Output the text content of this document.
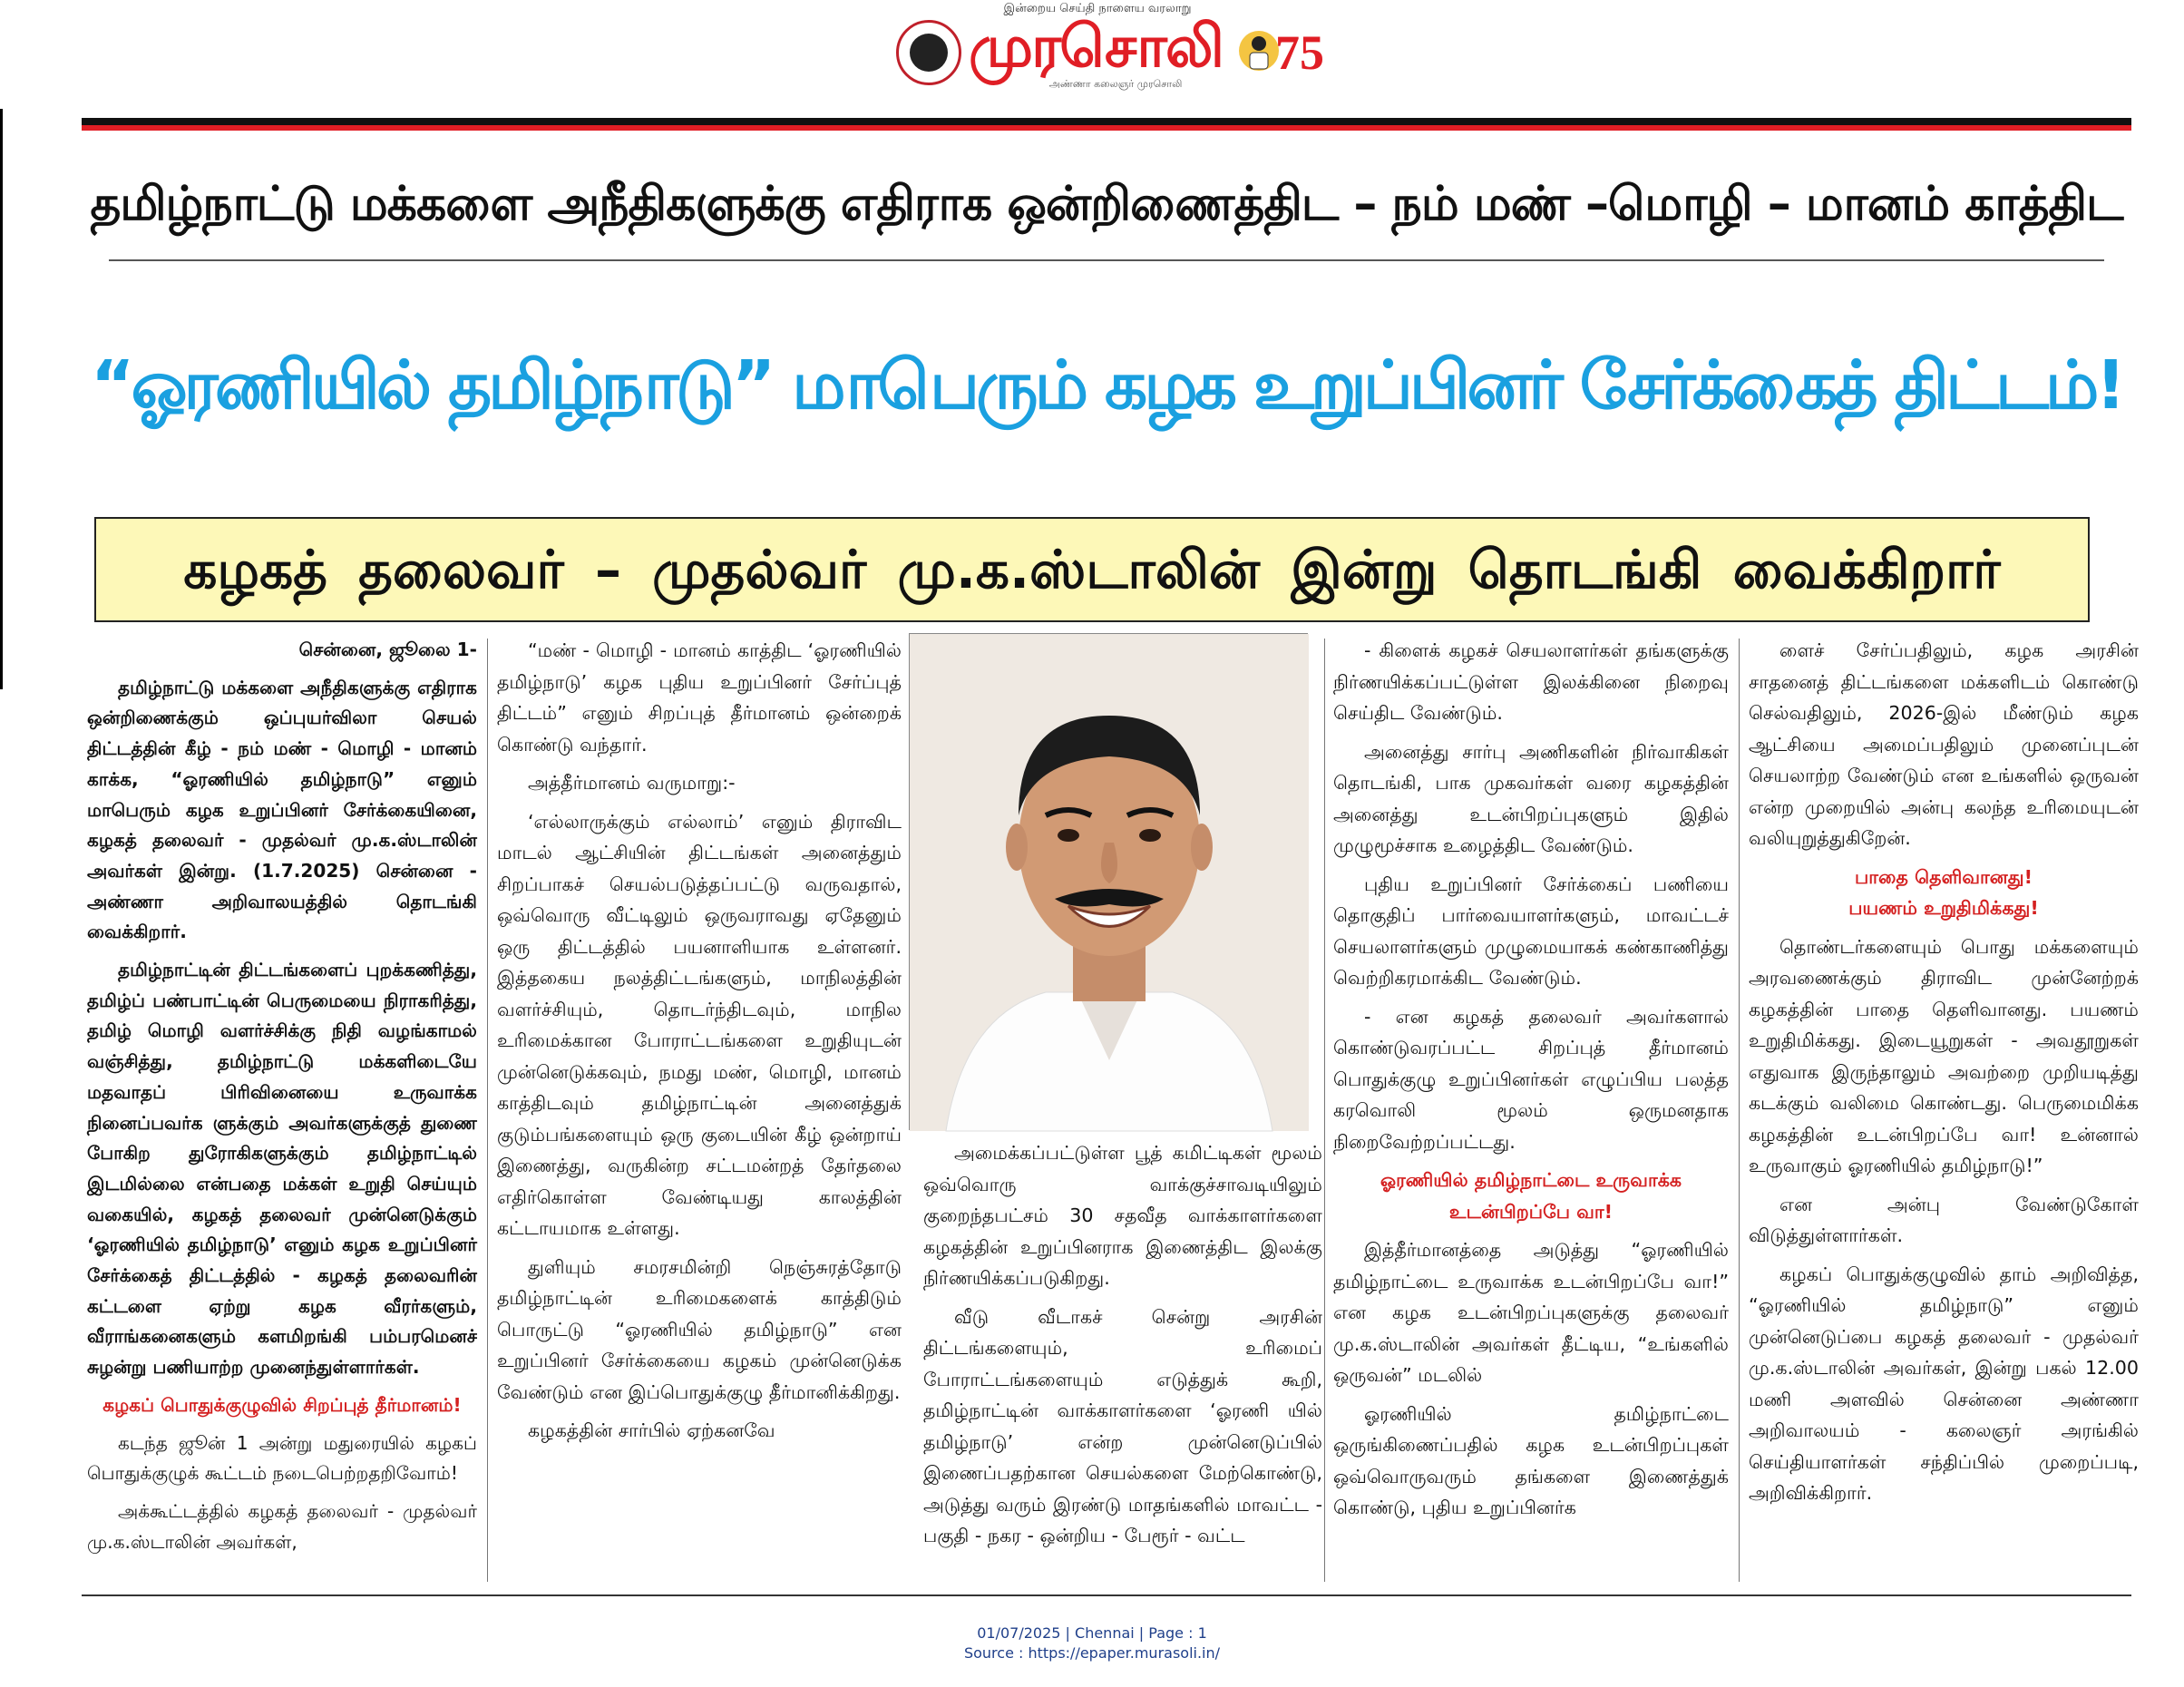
இன்றைய செய்தி நாளைய வரலாறு
முரசொலி	75
அண்ணா கலைஞர் முரசொலி
தமிழ்நாட்டு மக்களை அநீதிகளுக்கு எதிராக ஒன்றிணைத்திட – நம் மண் –மொழி – மானம் காத்திட
“ஓரணியில் தமிழ்நாடு” மாபெரும் கழக உறுப்பினர் சேர்க்கைத் திட்டம்!
கழகத் தலைவர் – முதல்வர் மு.க.ஸ்டாலின் இன்று தொடங்கி வைக்கிறார்

சென்னை, ஜூலை 1-

தமிழ்நாட்டு மக்களை அநீதிகளுக்கு எதிராக ஒன்றிணைக்கும் ஒப்புயர்விலா செயல் திட்டத்தின் கீழ் - நம் மண் - மொழி - மானம் காக்க, “ஓரணியில் தமிழ்நாடு” எனும் மாபெரும் கழக உறுப்பினர் சேர்க்கையினை, கழகத் தலைவர் - முதல்வர் மு.க.ஸ்டாலின் அவர்கள் இன்று. (1.7.2025) சென்னை - அண்ணா அறிவாலயத்தில் தொடங்கி வைக்கிறார்.

தமிழ்நாட்டின் திட்டங்களைப் புறக்கணித்து, தமிழ்ப் பண்பாட்டின் பெருமையை நிராகரித்து, தமிழ் மொழி வளர்ச்சிக்கு நிதி வழங்காமல் வஞ்சித்து, தமிழ்நாட்டு மக்களிடையே மதவாதப் பிரிவினையை உருவாக்க நினைப்பவர்க ளுக்கும் அவர்களுக்குத் துணை போகிற துரோகிகளுக்கும் தமிழ்நாட்டில் இடமில்லை என்பதை மக்கள் உறுதி செய்யும் வகையில், கழகத் தலைவர் முன்னெடுக்கும் ‘ஓரணியில் தமிழ்நாடு’ எனும் கழக உறுப்பினர் சேர்க்கைத் திட்டத்தில் - கழகத் தலைவரின் கட்டளை ஏற்று கழக வீரர்களும், வீராங்கனைகளும் களமிறங்கி பம்பரமெனச் சுழன்று பணியாற்ற முனைந்துள்ளார்கள்.

கழகப் பொதுக்குழுவில் சிறப்புத் தீர்மானம்!

கடந்த ஜூன் 1 அன்று மதுரையில் கழகப் பொதுக்குழுக் கூட்டம் நடைபெற்றதறிவோம்!

அக்கூட்டத்தில் கழகத் தலைவர் - முதல்வர் மு.க.ஸ்டாலின் அவர்கள்,

“மண் - மொழி - மானம் காத்திட ‘ஓரணியில் தமிழ்நாடு’ கழக புதிய உறுப்பினர் சேர்ப்புத் திட்டம்” எனும் சிறப்புத் தீர்மானம் ஒன்றைக் கொண்டு வந்தார்.

அத்தீர்மானம் வருமாறு:-

‘எல்லாருக்கும் எல்லாம்’ எனும் திராவிட மாடல் ஆட்சியின் திட்டங்கள் அனைத்தும் சிறப்பாகச் செயல்படுத்தப்பட்டு வருவதால், ஒவ்வொரு வீட்டிலும் ஒருவராவது ஏதேனும் ஒரு திட்டத்தில் பயனாளியாக உள்ளனர். இத்தகைய நலத்திட்டங்களும், மாநிலத்தின் வளர்ச்சியும், தொடர்ந்திடவும், மாநில உரிமைக்கான போராட்டங்களை உறுதியுடன் முன்னெடுக்கவும், நமது மண், மொழி, மானம் காத்திடவும் தமிழ்நாட்டின் அனைத்துக் குடும்பங்களையும் ஒரு குடையின் கீழ் ஒன்றாய் இணைத்து, வருகின்ற சட்டமன்றத் தேர்தலை எதிர்கொள்ள வேண்டியது காலத்தின் கட்டாயமாக உள்ளது.

துளியும் சமரசமின்றி நெஞ்சுரத்தோடு தமிழ்நாட்டின் உரிமைகளைக் காத்திடும் பொருட்டு “ஓரணியில் தமிழ்நாடு” என உறுப்பினர் சேர்க்கையை கழகம் முன்னெடுக்க வேண்டும் என இப்பொதுக்குழு தீர்மானிக்கிறது.

கழகத்தின் சார்பில் ஏற்கனவே

அமைக்கப்பட்டுள்ள பூத் கமிட்டிகள் மூலம் ஒவ்வொரு வாக்குச்சாவடியிலும் குறைந்தபட்சம் 30 சதவீத வாக்காளர்களை கழகத்தின் உறுப்பினராக இணைத்திட இலக்கு நிர்ணயிக்கப்படுகிறது.

வீடு வீடாகச் சென்று அரசின் திட்டங்களையும், உரிமைப் போராட்டங்களையும் எடுத்துக் கூறி, தமிழ்நாட்டின் வாக்காளர்களை ‘ஓரணி யில் தமிழ்நாடு’ என்ற முன்னெடுப்பில் இணைப்பதற்கான செயல்களை மேற்கொண்டு, அடுத்து வரும் இரண்டு மாதங்களில் மாவட்ட - பகுதி - நகர - ஒன்றிய - பேரூர் - வட்ட

- கிளைக் கழகச் செயலாளர்கள் தங்களுக்கு நிர்ணயிக்கப்பட்டுள்ள இலக்கினை நிறைவு செய்திட வேண்டும்.

அனைத்து சார்பு அணிகளின் நிர்வாகிகள் தொடங்கி, பாக முகவர்கள் வரை கழகத்தின் அனைத்து உடன்பிறப்புகளும் இதில் முழுமூச்சாக உழைத்திட வேண்டும்.

புதிய உறுப்பினர் சேர்க்கைப் பணியை தொகுதிப் பார்வையாளர்களும், மாவட்டச் செயலாளர்களும் முழுமையாகக் கண்காணித்து வெற்றிகரமாக்கிட வேண்டும்.

- என கழகத் தலைவர் அவர்களால் கொண்டுவரப்பட்ட சிறப்புத் தீர்மானம் பொதுக்குழு உறுப்பினர்கள் எழுப்பிய பலத்த கரவொலி மூலம் ஒருமனதாக நிறைவேற்றப்பட்டது.

ஓரணியில் தமிழ்நாட்டை உருவாக்க உடன்பிறப்பே வா!

இத்தீர்மானத்தை அடுத்து “ஓரணியில் தமிழ்நாட்டை உருவாக்க உடன்பிறப்பே வா!” என கழக உடன்பிறப்புகளுக்கு தலைவர் மு.க.ஸ்டாலின் அவர்கள் தீட்டிய, “உங்களில் ஒருவன்” மடலில்

ஓரணியில் தமிழ்நாட்டை ஒருங்கிணைப்பதில் கழக உடன்பிறப்புகள் ஒவ்வொருவரும் தங்களை இணைத்துக் கொண்டு, புதிய உறுப்பினர்க

ளைச் சேர்ப்பதிலும், கழக அரசின் சாதனைத் திட்டங்களை மக்களிடம் கொண்டு செல்வதிலும், 2026-இல் மீண்டும் கழக ஆட்சியை அமைப்பதிலும் முனைப்புடன் செயலாற்ற வேண்டும் என உங்களில் ஒருவன் என்ற முறையில் அன்பு கலந்த உரிமையுடன் வலியுறுத்துகிறேன்.

பாதை தெளிவானது!

பயணம் உறுதிமிக்கது!

தொண்டர்களையும் பொது மக்களையும் அரவணைக்கும் திராவிட முன்னேற்றக் கழகத்தின் பாதை தெளிவானது. பயணம் உறுதிமிக்கது. இடையூறுகள் - அவதூறுகள் எதுவாக இருந்தாலும் அவற்றை முறியடித்து கடக்கும் வலிமை கொண்டது. பெருமைமிக்க கழகத்தின் உடன்பிறப்பே வா! உன்னால் உருவாகும் ஓரணியில் தமிழ்நாடு!”

என அன்பு வேண்டுகோள் விடுத்துள்ளார்கள்.

கழகப் பொதுக்குழுவில் தாம் அறிவித்த, “ஓரணியில் தமிழ்நாடு” எனும் முன்னெடுப்பை கழகத் தலைவர் - முதல்வர் மு.க.ஸ்டாலின் அவர்கள், இன்று பகல் 12.00 மணி அளவில் சென்னை அண்ணா அறிவாலயம் - கலைஞர் அரங்கில் செய்தியாளர்கள் சந்திப்பில் முறைப்படி, அறிவிக்கிறார்.

01/07/2025 | Chennai | Page : 1
Source : https://epaper.murasoli.in/
